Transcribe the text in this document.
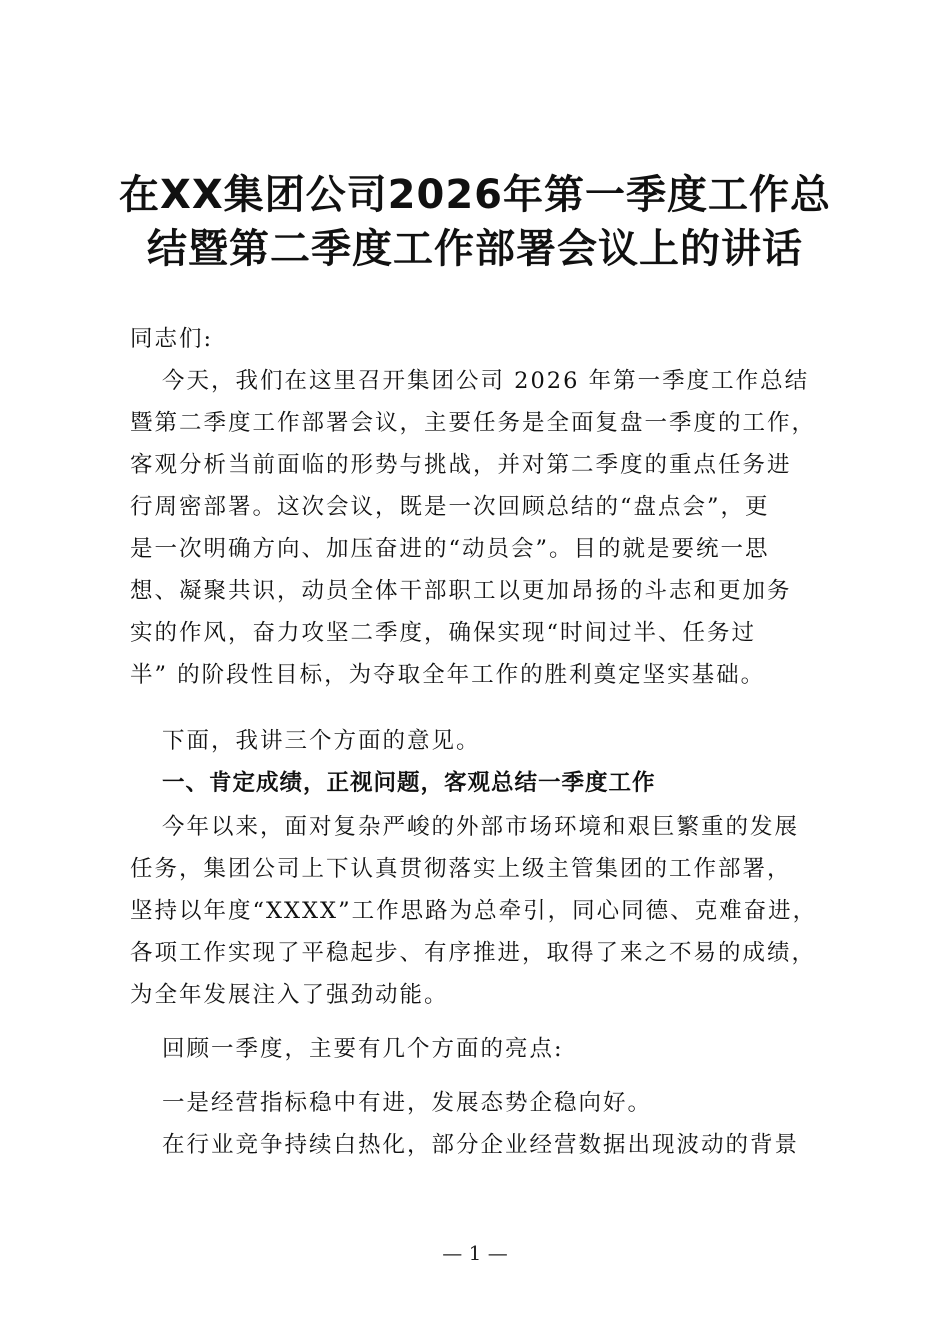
在XX集团公司2026年第一季度工作总
结暨第二季度工作部署会议上的讲话

同志们:

今天，我们在这里召开集团公司 2026 年第一季度工作总结
暨第二季度工作部署会议，主要任务是全面复盘一季度的工作，
客观分析当前面临的形势与挑战，并对第二季度的重点任务进
行周密部署。这次会议，既是一次回顾总结的“盘点会”，更
是一次明确方向、加压奋进的“动员会”。目的就是要统一思
想、凝聚共识，动员全体干部职工以更加昂扬的斗志和更加务
实的作风，奋力攻坚二季度，确保实现“时间过半、任务过
半” 的阶段性目标，为夺取全年工作的胜利奠定坚实基础。

下面，我讲三个方面的意见。

一、肯定成绩，正视问题，客观总结一季度工作

今年以来，面对复杂严峻的外部市场环境和艰巨繁重的发展
任务，集团公司上下认真贯彻落实上级主管集团的工作部署，
坚持以年度“XXXX”工作思路为总牵引，同心同德、克难奋进，
各项工作实现了平稳起步、有序推进，取得了来之不易的成绩，
为全年发展注入了强劲动能。

回顾一季度，主要有几个方面的亮点:

一是经营指标稳中有进，发展态势企稳向好。

在行业竞争持续白热化，部分企业经营数据出现波动的背景

— 1 —
